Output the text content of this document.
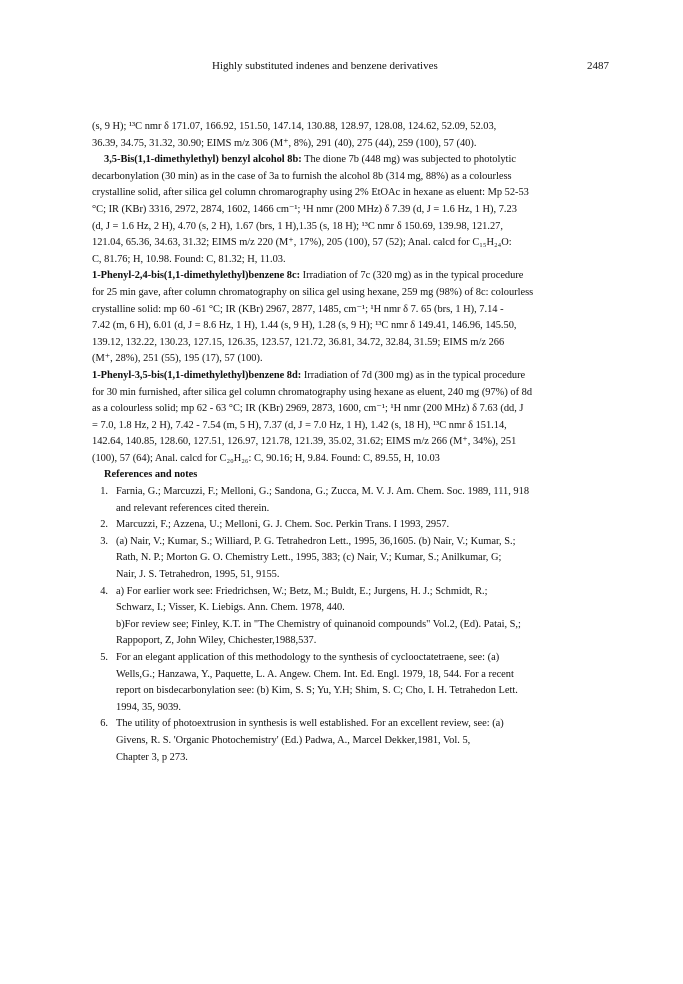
Highly substituted indenes and benzene derivatives	2487
(s, 9 H); ¹³C nmr δ 171.07, 166.92, 151.50, 147.14, 130.88, 128.97, 128.08, 124.62, 52.09, 52.03,
36.39, 34.75, 31.32, 30.90; EIMS m/z 306 (M⁺, 8%), 291 (40), 275 (44), 259 (100), 57 (40).
3,5-Bis(1,1-dimethylethyl) benzyl alcohol 8b: The dione 7b (448 mg) was subjected to photolytic
decarbonylation (30 min) as in the case of 3a to furnish the alcohol 8b (314 mg, 88%) as a colourless
crystalline solid, after silica gel column chromarography using 2% EtOAc in hexane as eluent: Mp 52-53
°C; IR (KBr) 3316, 2972, 2874, 1602, 1466 cm⁻¹; ¹H nmr (200 MHz) δ 7.39 (d, J = 1.6 Hz, 1 H), 7.23
(d, J = 1.6 Hz, 2 H), 4.70 (s, 2 H), 1.67 (brs, 1 H),1.35 (s, 18 H); ¹³C nmr δ 150.69, 139.98, 121.27,
121.04, 65.36, 34.63, 31.32; EIMS m/z 220 (M⁺, 17%), 205 (100), 57 (52); Anal. calcd for C₁₅H₂₄O:
C, 81.76; H, 10.98. Found: C, 81.32; H, 11.03.
1-Phenyl-2,4-bis(1,1-dimethylethyl)benzene 8c: Irradiation of 7c (320 mg) as in the typical procedure
for 25 min gave, after column chromatography on silica gel using hexane, 259 mg (98%) of 8c: colourless
crystalline solid: mp 60 -61 °C; IR (KBr) 2967, 2877, 1485, cm⁻¹; ¹H nmr δ 7. 65 (brs, 1 H), 7.14 -
7.42 (m, 6 H), 6.01 (d, J = 8.6 Hz, 1 H), 1.44 (s, 9 H), 1.28 (s, 9 H); ¹³C nmr δ 149.41, 146.96, 145.50,
139.12, 132.22, 130.23, 127.15, 126.35, 123.57, 121.72, 36.81, 34.72, 32.84, 31.59; EIMS m/z 266
(M⁺, 28%), 251 (55), 195 (17), 57 (100).
1-Phenyl-3,5-bis(1,1-dimethylethyl)benzene 8d: Irradiation of 7d (300 mg) as in the typical procedure
for 30 min furnished, after silica gel column chromatography using hexane as eluent, 240 mg (97%) of 8d
as a colourless solid; mp 62 - 63 °C; IR (KBr) 2969, 2873, 1600, cm⁻¹; ¹H nmr (200 MHz) δ 7.63 (dd, J
= 7.0, 1.8 Hz, 2 H), 7.42 - 7.54 (m, 5 H), 7.37 (d, J = 7.0 Hz, 1 H), 1.42 (s, 18 H), ¹³C nmr δ 151.14,
142.64, 140.85, 128.60, 127.51, 126.97, 121.78, 121.39, 35.02, 31.62; EIMS m/z 266 (M⁺, 34%), 251
(100), 57 (64); Anal. calcd for C₂₀H₂₆: C, 90.16; H, 9.84. Found: C, 89.55, H, 10.03
References and notes
1. Farnia, G.; Marcuzzi, F.; Melloni, G.; Sandona, G.; Zucca, M. V. J. Am. Chem. Soc. 1989, 111, 918
and relevant references cited therein.
2. Marcuzzi, F.; Azzena, U.; Melloni, G. J. Chem. Soc. Perkin Trans. I 1993, 2957.
3. (a) Nair, V.; Kumar, S.; Williard, P. G. Tetrahedron Lett., 1995, 36,1605. (b) Nair, V.; Kumar, S.;
Rath, N. P.; Morton G. O. Chemistry Lett., 1995, 383; (c) Nair, V.; Kumar, S.; Anilkumar, G;
Nair, J. S. Tetrahedron, 1995, 51, 9155.
4. a) For earlier work see: Friedrichsen, W.; Betz, M.; Buldt, E.; Jurgens, H. J.; Schmidt, R.;
Schwarz, I.; Visser, K. Liebigs. Ann. Chem. 1978, 440.
b)For review see; Finley, K.T. in "The Chemistry of quinanoid compounds" Vol.2, (Ed). Patai, S,;
Rappoport, Z, John Wiley, Chichester,1988,537.
5. For an elegant application of this methodology to the synthesis of cyclooctatetraene, see: (a)
Wells,G.; Hanzawa, Y., Paquette, L. A. Angew. Chem. Int. Ed. Engl. 1979, 18, 544. For a recent
report on bisdecarbonylation see: (b) Kim, S. S; Yu, Y.H; Shim, S. C; Cho, I. H. Tetrahedon Lett.
1994, 35, 9039.
6. The utility of photoextrusion in synthesis is well established. For an excellent review, see: (a)
Givens, R. S. 'Organic Photochemistry' (Ed.) Padwa, A., Marcel Dekker,1981, Vol. 5,
Chapter 3, p 273.
